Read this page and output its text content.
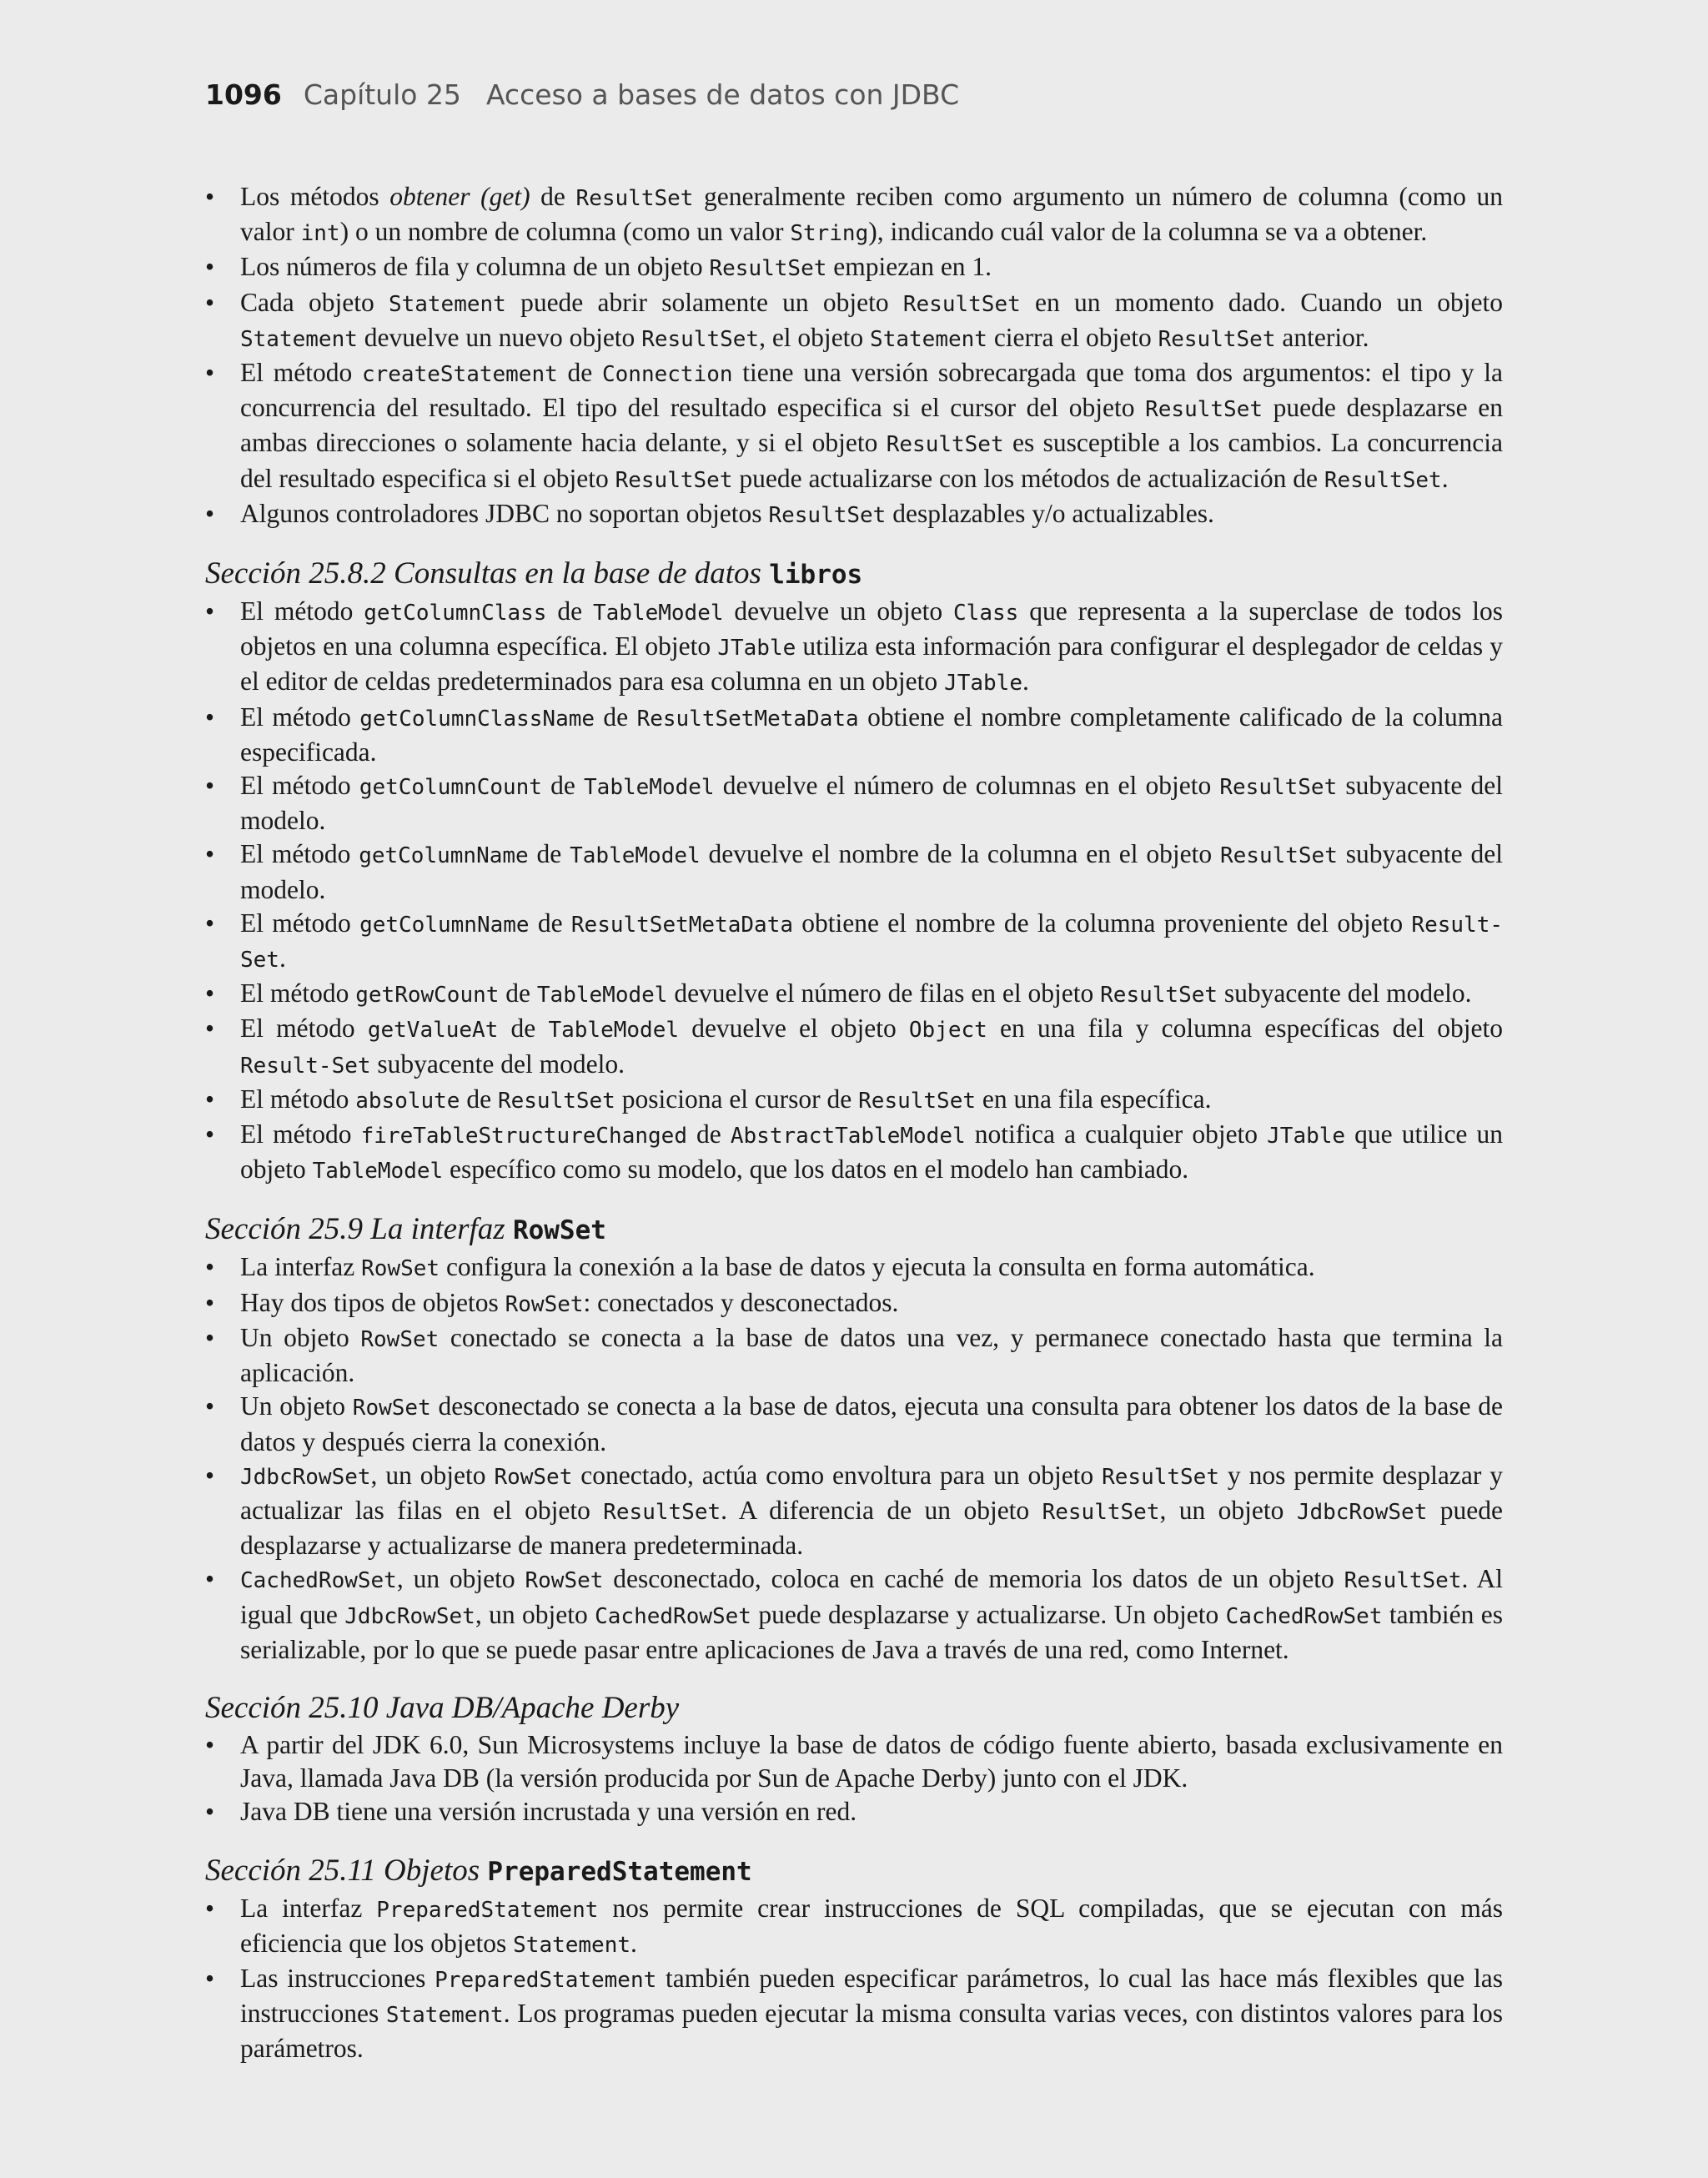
1096 Capítulo 25 Acceso a bases de datos con JDBC
• Los métodos obtener (get) de ResultSet generalmente reciben como argumento un número de columna (como un valor int) o un nombre de columna (como un valor String), indicando cuál valor de la columna se va a obtener.
• Los números de fila y columna de un objeto ResultSet empiezan en 1.
• Cada objeto Statement puede abrir solamente un objeto ResultSet en un momento dado. Cuando un objeto Statement devuelve un nuevo objeto ResultSet, el objeto Statement cierra el objeto ResultSet anterior.
• El método createStatement de Connection tiene una versión sobrecargada que toma dos argumentos: el tipo y la concurrencia del resultado. El tipo del resultado especifica si el cursor del objeto ResultSet puede desplazarse en ambas direcciones o solamente hacia delante, y si el objeto ResultSet es susceptible a los cambios. La concurrencia del resultado especifica si el objeto ResultSet puede actualizarse con los métodos de actualización de ResultSet.
• Algunos controladores JDBC no soportan objetos ResultSet desplazables y/o actualizables.
Sección 25.8.2 Consultas en la base de datos libros
• El método getColumnClass de TableModel devuelve un objeto Class que representa a la superclase de todos los objetos en una columna específica. El objeto JTable utiliza esta información para configurar el desplegador de celdas y el editor de celdas predeterminados para esa columna en un objeto JTable.
• El método getColumnClassName de ResultSetMetaData obtiene el nombre completamente calificado de la columna especificada.
• El método getColumnCount de TableModel devuelve el número de columnas en el objeto ResultSet subyacente del modelo.
• El método getColumnName de TableModel devuelve el nombre de la columna en el objeto ResultSet subyacente del modelo.
• El método getColumnName de ResultSetMetaData obtiene el nombre de la columna proveniente del objeto Result-Set.
• El método getRowCount de TableModel devuelve el número de filas en el objeto ResultSet subyacente del modelo.
• El método getValueAt de TableModel devuelve el objeto Object en una fila y columna específicas del objeto Result-Set subyacente del modelo.
• El método absolute de ResultSet posiciona el cursor de ResultSet en una fila específica.
• El método fireTableStructureChanged de AbstractTableModel notifica a cualquier objeto JTable que utilice un objeto TableModel específico como su modelo, que los datos en el modelo han cambiado.
Sección 25.9 La interfaz RowSet
• La interfaz RowSet configura la conexión a la base de datos y ejecuta la consulta en forma automática.
• Hay dos tipos de objetos RowSet: conectados y desconectados.
• Un objeto RowSet conectado se conecta a la base de datos una vez, y permanece conectado hasta que termina la aplicación.
• Un objeto RowSet desconectado se conecta a la base de datos, ejecuta una consulta para obtener los datos de la base de datos y después cierra la conexión.
• JdbcRowSet, un objeto RowSet conectado, actúa como envoltura para un objeto ResultSet y nos permite desplazar y actualizar las filas en el objeto ResultSet. A diferencia de un objeto ResultSet, un objeto JdbcRowSet puede desplazarse y actualizarse de manera predeterminada.
• CachedRowSet, un objeto RowSet desconectado, coloca en caché de memoria los datos de un objeto ResultSet. Al igual que JdbcRowSet, un objeto CachedRowSet puede desplazarse y actualizarse. Un objeto CachedRowSet también es serializable, por lo que se puede pasar entre aplicaciones de Java a través de una red, como Internet.
Sección 25.10 Java DB/Apache Derby
• A partir del JDK 6.0, Sun Microsystems incluye la base de datos de código fuente abierto, basada exclusivamente en Java, llamada Java DB (la versión producida por Sun de Apache Derby) junto con el JDK.
• Java DB tiene una versión incrustada y una versión en red.
Sección 25.11 Objetos PreparedStatement
• La interfaz PreparedStatement nos permite crear instrucciones de SQL compiladas, que se ejecutan con más eficiencia que los objetos Statement.
• Las instrucciones PreparedStatement también pueden especificar parámetros, lo cual las hace más flexibles que las instrucciones Statement. Los programas pueden ejecutar la misma consulta varias veces, con distintos valores para los parámetros.
